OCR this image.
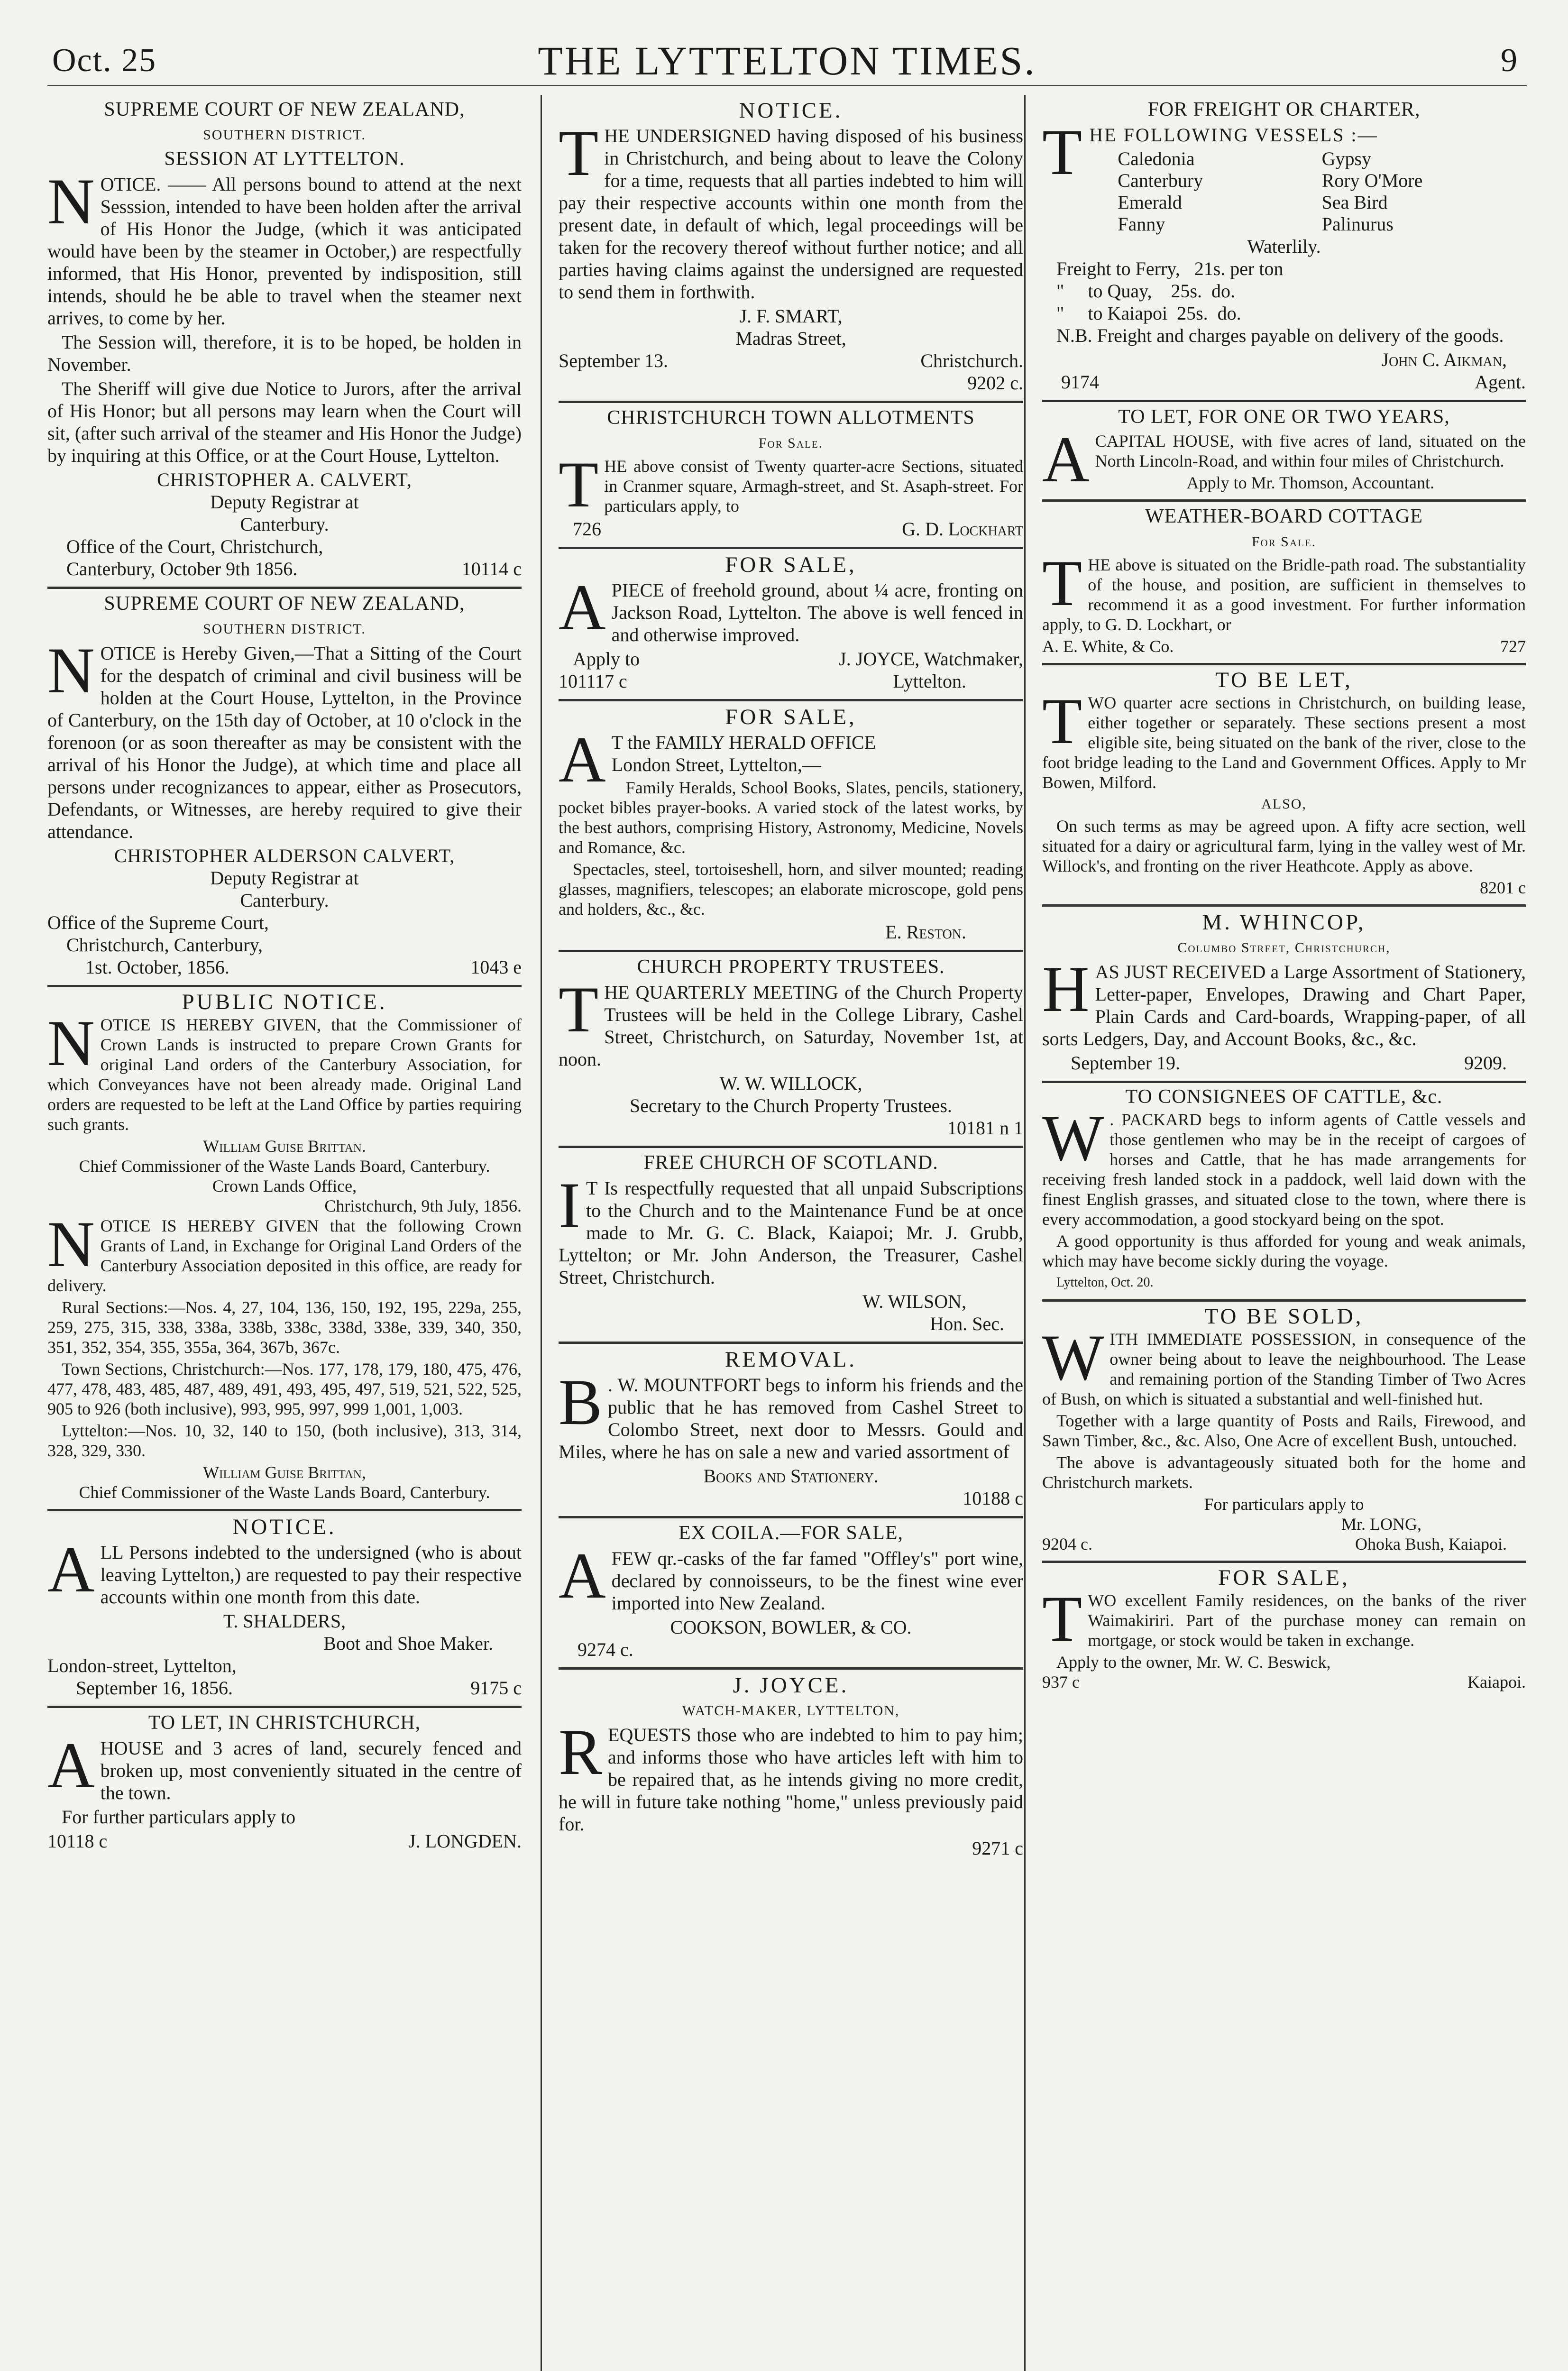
Oct. 25	THE LYTTELTON TIMES.	9
SUPREME COURT OF NEW ZEALAND,
SOUTHERN DISTRICT.
SESSION AT LYTTELTON.

NOTICE. —— All persons bound to attend at the next Sesssion, intended to have been holden after the arrival of His Honor the Judge, (which it was anticipated would have been by the steamer in October,) are respectfully informed, that His Honor, prevented by indisposition, still intends, should he be able to travel when the steamer next arrives, to come by her.

The Session will, therefore, it is to be hoped, be holden in November.

The Sheriff will give due Notice to Jurors, after the arrival of His Honor; but all persons may learn when the Court will sit, (after such arrival of the steamer and His Honor the Judge) by inquiring at this Office, or at the Court House, Lyttelton.

CHRISTOPHER A. CALVERT,
Deputy Registrar at
Canterbury.
Office of the Court, Christchurch,
Canterbury, October 9th 1856.	10114 c
SUPREME COURT OF NEW ZEALAND,
SOUTHERN DISTRICT.

NOTICE is Hereby Given,—That a Sitting of the Court for the despatch of criminal and civil business will be holden at the Court House, Lyttelton, in the Province of Canterbury, on the 15th day of October, at 10 o'clock in the forenoon (or as soon thereafter as may be consistent with the arrival of his Honor the Judge), at which time and place all persons under recognizances to appear, either as Prosecutors, Defendants, or Witnesses, are hereby required to give their attendance.

CHRISTOPHER ALDERSON CALVERT,
Deputy Registrar at
Canterbury.
Office of the Supreme Court,
Christchurch, Canterbury,
1st. October, 1856.	1043 e
PUBLIC NOTICE.

NOTICE IS HEREBY GIVEN, that the Commissioner of Crown Lands is instructed to prepare Crown Grants for original Land orders of the Canterbury Association, for which Conveyances have not been already made. Original Land orders are requested to be left at the Land Office by parties requiring such grants.

William Guise Brittan.
Chief Commissioner of the Waste Lands Board, Canterbury.
Crown Lands Office,
Christchurch, 9th July, 1856.

NOTICE IS HEREBY GIVEN that the following Crown Grants of Land, in Exchange for Original Land Orders of the Canterbury Association deposited in this office, are ready for delivery.

Rural Sections:—Nos. 4, 27, 104, 136, 150, 192, 195, 229a, 255, 259, 275, 315, 338, 338a, 338b, 338c, 338d, 338e, 339, 340, 350, 351, 352, 354, 355, 355a, 364, 367b, 367c.

Town Sections, Christchurch:—Nos. 177, 178, 179, 180, 475, 476, 477, 478, 483, 485, 487, 489, 491, 493, 495, 497, 519, 521, 522, 525, 905 to 926 (both inclusive), 993, 995, 997, 999 1,001, 1,003.

Lyttelton:—Nos. 10, 32, 140 to 150, (both inclusive), 313, 314, 328, 329, 330.

William Guise Brittan,
Chief Commissioner of the Waste Lands Board, Canterbury.
NOTICE.

ALL Persons indebted to the undersigned (who is about leaving Lyttelton,) are requested to pay their respective accounts within one month from this date.

T. SHALDERS,
Boot and Shoe Maker.
London-street, Lyttelton,
September 16, 1856.	9175 c
TO LET, IN CHRISTCHURCH,

AHOUSE and 3 acres of land, securely fenced and broken up, most conveniently situated in the centre of the town.

For further particulars apply to

10118 c	J. LONGDEN.
NOTICE.

THE UNDERSIGNED having disposed of his business in Christchurch, and being about to leave the Colony for a time, requests that all parties indebted to him will pay their respective accounts within one month from the present date, in default of which, legal proceedings will be taken for the recovery thereof without further notice; and all parties having claims against the undersigned are requested to send them in forthwith.

J. F. SMART,
Madras Street,
September 13.	Christchurch.
9202 c.
CHRISTCHURCH TOWN ALLOTMENTS
For Sale.

THE above consist of Twenty quarter-acre Sections, situated in Cranmer square, Armagh-street, and St. Asaph-street. For particulars apply, to

726	G. D. Lockhart
FOR SALE,

APIECE of freehold ground, about ¼ acre, fronting on Jackson Road, Lyttelton. The above is well fenced in and otherwise improved.

Apply to	J. JOYCE, Watchmaker,
101117 c	Lyttelton.
FOR SALE,

A T the FAMILY HERALD OFFICE
London Street, Lyttelton,—

Family Heralds, School Books, Slates, pencils, stationery, pocket bibles prayer-books. A varied stock of the latest works, by the best authors, comprising History, Astronomy, Medicine, Novels and Romance, &c.

Spectacles, steel, tortoiseshell, horn, and silver mounted; reading glasses, magnifiers, telescopes; an elaborate microscope, gold pens and holders, &c., &c.

E. Reston.
CHURCH PROPERTY TRUSTEES.

THE QUARTERLY MEETING of the Church Property Trustees will be held in the College Library, Cashel Street, Christchurch, on Saturday, November 1st, at noon.

W. W. WILLOCK,
Secretary to the Church Property Trustees.
10181 n 1
FREE CHURCH OF SCOTLAND.

I T Is respectfully requested that all unpaid Subscriptions to the Church and to the Maintenance Fund be at once made to Mr. G. C. Black, Kaiapoi; Mr. J. Grubb, Lyttelton; or Mr. John Anderson, the Treasurer, Cashel Street, Christchurch.

W. WILSON,
Hon. Sec.
REMOVAL.

B . W. MOUNTFORT begs to inform his friends and the public that he has removed from Cashel Street to Colombo Street, next door to Messrs. Gould and Miles, where he has on sale a new and varied assortment of

Books and Stationery.
10188 c
EX COILA.—FOR SALE,

AFEW qr.-casks of the far famed "Offley's" port wine, declared by connoisseurs, to be the finest wine ever imported into New Zealand.

COOKSON, BOWLER, & CO.
9274 c.
J. JOYCE.
WATCH-MAKER, LYTTELTON,

REQUESTS those who are indebted to him to pay him; and informs those who have articles left with him to be repaired that, as he intends giving no more credit, he will in future take nothing "home," unless previously paid for.

9271 c
FOR FREIGHT OR CHARTER,

THE FOLLOWING VESSELS :—

Caledonia	Gypsy
Canterbury	Rory O'More
Emerald	Sea Bird
Fanny	Palinurus
Waterlily.
Freight to Ferry,   21s. per ton
"     to Quay,    25s.  do.
"     to Kaiapoi  25s.  do.

N.B. Freight and charges payable on delivery of the goods.

John C. Aikman,
9174	Agent.
TO LET, FOR ONE OR TWO YEARS,

ACAPITAL HOUSE, with five acres of land, situated on the North Lincoln-Road, and within four miles of Christchurch.

Apply to Mr. Thomson, Accountant.
WEATHER-BOARD COTTAGE
For Sale.

THE above is situated on the Bridle-path road. The substantiality of the house, and position, are sufficient in themselves to recommend it as a good investment. For further information apply, to G. D. Lockhart, or

A. E. White, & Co.	727
TO BE LET,

TWO quarter acre sections in Christchurch, on building lease, either together or separately. These sections present a most eligible site, being situated on the bank of the river, close to the foot bridge leading to the Land and Government Offices. Apply to Mr Bowen, Milford.

ALSO,

On such terms as may be agreed upon. A fifty acre section, well situated for a dairy or agricultural farm, lying in the valley west of Mr. Willock's, and fronting on the river Heathcote. Apply as above.

8201 c
M. WHINCOP,
Columbo Street, Christchurch,

HAS JUST RECEIVED a Large Assortment of Stationery, Letter-paper, Envelopes, Drawing and Chart Paper, Plain Cards and Card-boards, Wrapping-paper, of all sorts Ledgers, Day, and Account Books, &c., &c.

September 19.	9209.
TO CONSIGNEES OF CATTLE, &c.

W . PACKARD begs to inform agents of Cattle vessels and those gentlemen who may be in the receipt of cargoes of horses and Cattle, that he has made arrangements for receiving fresh landed stock in a paddock, well laid down with the finest English grasses, and situated close to the town, where there is every accommodation, a good stockyard being on the spot.

A good opportunity is thus afforded for young and weak animals, which may have become sickly during the voyage.

Lyttelton, Oct. 20.
TO BE SOLD,

WITH IMMEDIATE POSSESSION, in consequence of the owner being about to leave the neighbourhood. The Lease and remaining portion of the Standing Timber of Two Acres of Bush, on which is situated a substantial and well-finished hut.

Together with a large quantity of Posts and Rails, Firewood, and Sawn Timber, &c., &c. Also, One Acre of excellent Bush, untouched.

The above is advantageously situated both for the home and Christchurch markets.

For particulars apply to
Mr. LONG,
9204 c.	Ohoka Bush, Kaiapoi.
FOR SALE,

TWO excellent Family residences, on the banks of the river Waimakiriri. Part of the purchase money can remain on mortgage, or stock would be taken in exchange.

Apply to the owner, Mr. W. C. Beswick,
937 c	Kaiapoi.
